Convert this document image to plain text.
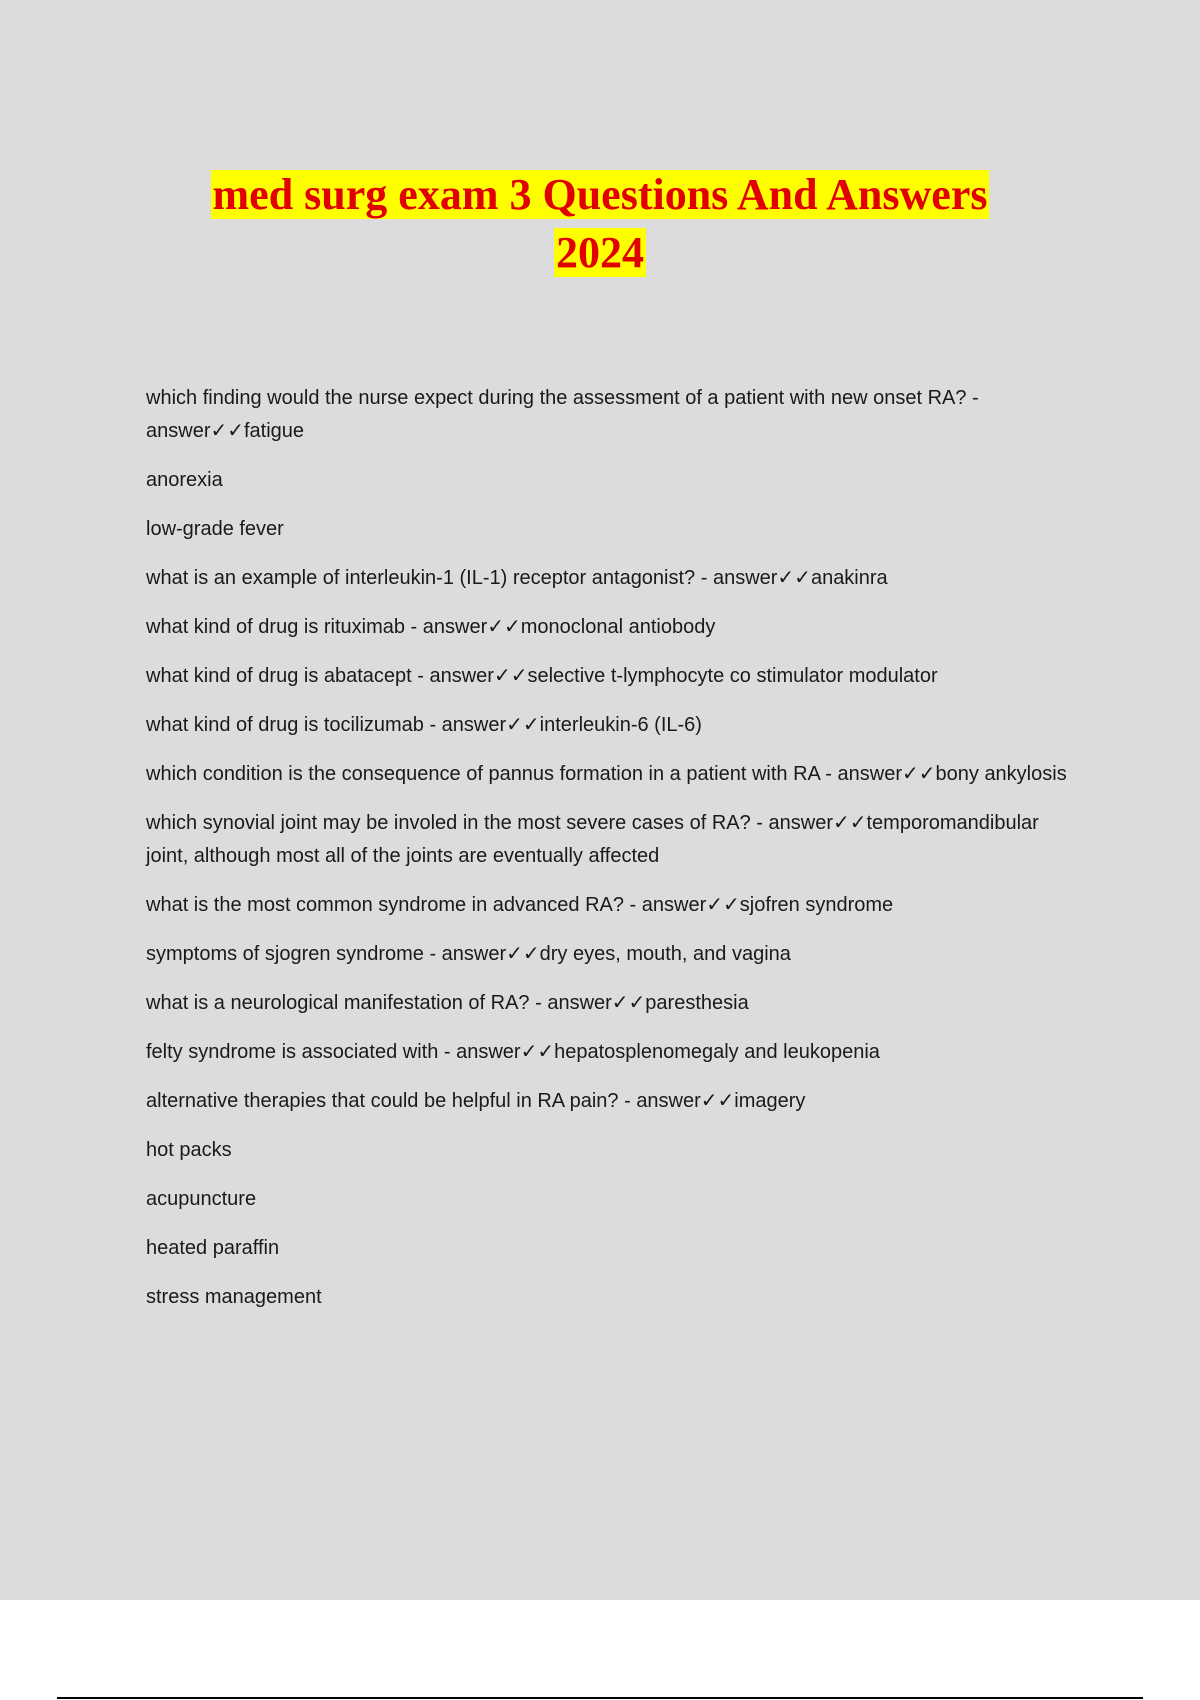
med surg exam 3 Questions And Answers
2024

which finding would the nurse expect during the assessment of a patient with new onset RA? - answer✓✓fatigue

anorexia

low-grade fever

what is an example of interleukin-1 (IL-1) receptor antagonist? - answer✓✓anakinra

what kind of drug is rituximab - answer✓✓monoclonal antiobody

what kind of drug is abatacept - answer✓✓selective t-lymphocyte co stimulator modulator

what kind of drug is tocilizumab - answer✓✓interleukin-6 (IL-6)

which condition is the consequence of pannus formation in a patient with RA - answer✓✓bony ankylosis

which synovial joint may be involed in the most severe cases of RA? - answer✓✓temporomandibular joint, although most all of the joints are eventually affected

what is the most common syndrome in advanced RA? - answer✓✓sjofren syndrome

symptoms of sjogren syndrome - answer✓✓dry eyes, mouth, and vagina

what is a neurological manifestation of RA? - answer✓✓paresthesia

felty syndrome is associated with - answer✓✓hepatosplenomegaly and leukopenia

alternative therapies that could be helpful in RA pain? - answer✓✓imagery

hot packs

acupuncture

heated paraffin

stress management
